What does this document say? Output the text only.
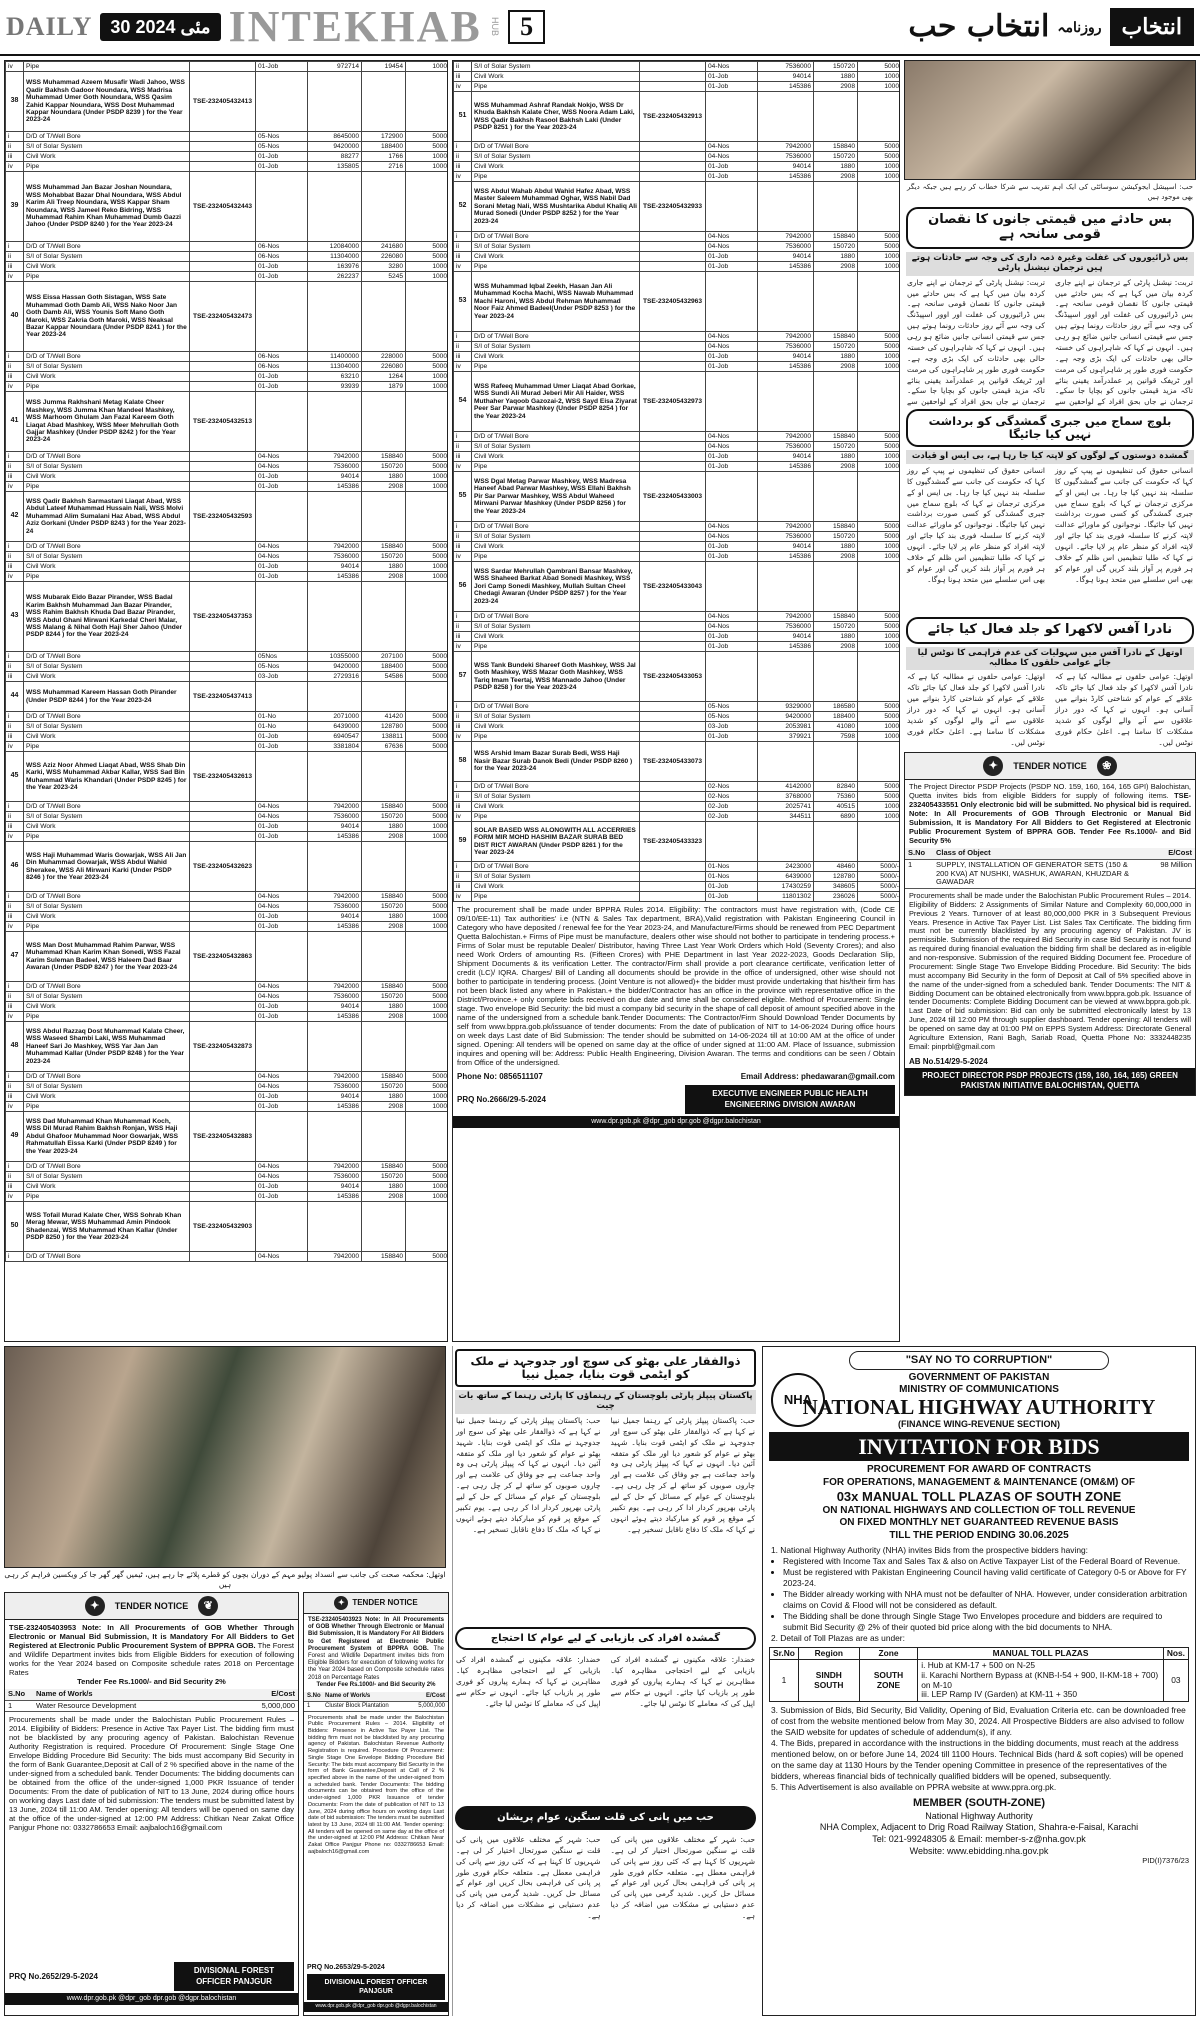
DAILY	30 مئی 2024 INTEKHAB HUB 5	انتخاب حب روزنامہ انتخاب
iv	Pipe		01-Job	972714	19454	1000
38	WSS Muhammad Azeem Musafir Wadi Jahoo, WSS Qadir Bakhsh Gadoor Noundara, WSS Madrisa Muhammad Umer Goth Noundara, WSS Qasim Zahid Kappar Noundara, WSS Dost Muhammad Kappar Noundara (Under PSDP 8239 ) for the Year 2023-24	TSE-232405432413				
i	D/D of T/Well Bore		05-Nos	8645000	172900	5000
ii	S/I of Solar System		05-Nos	9420000	188400	5000
iii	Civil Work		01-Job	88277	1766	1000
iv	Pipe		01-Job	135805	2716	1000
39	WSS Muhammad Jan Bazar Joshan Noundara, WSS Mohabbat Bazar Dhal Noundara, WSS Abdul Karim Ali Treep Noundara, WSS Kappar Sham Noundara, WSS Jameel Reko Bidring, WSS Muhammad Rahim Khan Muhammad Dumb Gazzi Jahoo (Under PSDP 8240 ) for the Year 2023-24	TSE-232405432443				
i	D/D of T/Well Bore		06-Nos	12084000	241680	5000
ii	S/I of Solar System		06-Nos	11304000	226080	5000
iii	Civil Work		01-Job	163976	3280	1000
iv	Pipe		01-Job	262237	5245	1000
40	WSS Eissa Hassan Goth Sistagan, WSS Sate Muhammad Goth Damb Ali, WSS Nako Noor Jan Goth Damb Ali, WSS Younis Soft Mano Goth Maroki, WSS Zakria Goth Maroki, WSS Neaksal Bazar Kappar Noundara (Under PSDP 8241 ) for the Year 2023-24	TSE-232405432473				
i	D/D of T/Well Bore		06-Nos	11400000	228000	5000
ii	S/I of Solar System		06-Nos	11304000	226080	5000
iii	Civil Work		01-Job	63210	1264	1000
iv	Pipe		01-Job	93939	1879	1000
41	WSS Jumma Rakhshani Metag Kalate Cheer Mashkey, WSS Jumma Khan Mandeel Mashkey, WSS Marhoom Ghulam Jan Fazal Kareem Goth Liaqat Abad Mashkey, WSS Meer Mehrullah Goth Gajjar Mashkey (Under PSDP 8242 ) for the Year 2023-24	TSE-232405432513				
i	D/D of T/Well Bore		04-Nos	7942000	158840	5000
ii	S/I of Solar System		04-Nos	7536000	150720	5000
iii	Civil Work		01-Job	94014	1880	1000
iv	Pipe		01-Job	145386	2908	1000
42	WSS Qadir Bakhsh Sarmastani Liaqat Abad, WSS Abdul Lateef Muhammad Hussain Nali, WSS Molvi Muhammad Alim Sumalani Haz Abad, WSS Abdul Aziz Gorkani (Under PSDP 8243 ) for the Year 2023-24	TSE-232405432593				
i	D/D of T/Well Bore		04-Nos	7942000	158840	5000
ii	S/I of Solar System		04-Nos	7536000	150720	5000
iii	Civil Work		01-Job	94014	1880	1000
iv	Pipe		01-Job	145386	2908	1000
43	WSS Mubarak Eido Bazar Pirander, WSS Badal Karim Bakhsh Muhammad Jan Bazar Pirander, WSS Rahim Bakhsh Khuda Dad Bazar Pirander, WSS Abdul Ghani Mirwani Karkedal Cheri Malar, WSS Malang & Nihal Goth Haji Sher Jahoo (Under PSDP 8244 ) for the Year 2023-24	TSE-232405437353				
i	D/D of T/Well Bore		05Nos	10355000	207100	5000
ii	S/I of Solar System		05-Nos	9420000	188400	5000
iii	Civil Work		03-Job	2729316	54586	5000
44	WSS Muhammad Kareem Hassan Goth Pirander (Under PSDP 8244 ) for the Year 2023-24	TSE-232405437413				
i	D/D of T/Well Bore		01-No	2071000	41420	5000
ii	S/I of Solar System		01-No	6439000	128780	5000
iii	Civil Work		01-Job	6940547	138811	5000
iv	Pipe		01-Job	3381804	67636	5000
45	WSS Aziz Noor Ahmed Liaqat Abad, WSS Shab Din Karki, WSS Muhammad Akbar Kallar, WSS Sad Bin Muhammad Waris Khandari (Under PSDP 8245 ) for the Year 2023-24	TSE-232405432613				
i	D/D of T/Well Bore		04-Nos	7942000	158840	5000
ii	S/I of Solar System		04-Nos	7536000	150720	5000
iii	Civil Work		01-Job	94014	1880	1000
iv	Pipe		01-Job	145386	2908	1000
46	WSS Haji Muhammad Waris Gowarjak, WSS Ali Jan Din Muhammad Gowarjak, WSS Abdul Wahid Sherakee, WSS Ali Mirwani Karki (Under PSDP 8246 ) for the Year 2023-24	TSE-232405432623				
i	D/D of T/Well Bore		04-Nos	7942000	158840	5000
ii	S/I of Solar System		04-Nos	7536000	150720	5000
iii	Civil Work		01-Job	94014	1880	1000
iv	Pipe		01-Job	145386	2908	1000
47	WSS Man Dost Muhammad Rahim Parwar, WSS Muhammad Khan Karim Khan Sonedi, WSS Fazal Karim Suleman Badeel, WSS Haleem Dad Baar Awaran (Under PSDP 8247 ) for the Year 2023-24	TSE-232405432863				
i	D/D of T/Well Bore		04-Nos	7942000	158840	5000
ii	S/I of Solar System		04-Nos	7536000	150720	5000
iii	Civil Work		01-Job	94014	1880	1000
iv	Pipe		01-Job	145386	2908	1000
48	WSS Abdul Razzaq Dost Muhammad Kalate Cheer, WSS Waseed Shambi Laki, WSS Muhammad Haneef Sari Jo Mashkey, WSS Yar Jan Jan Muhammad Kallar (Under PSDP 8248 ) for the Year 2023-24	TSE-232405432873				
i	D/D of T/Well Bore		04-Nos	7942000	158840	5000
ii	S/I of Solar System		04-Nos	7536000	150720	5000
iii	Civil Work		01-Job	94014	1880	1000
iv	Pipe		01-Job	145386	2908	1000
49	WSS Dad Muhammad Khan Muhammad Koch, WSS Dil Murad Rahim Bakhsh Ronjan, WSS Haji Abdul Ghafoor Muhammad Noor Gowarjak, WSS Rahmatullah Eissa Karki (Under PSDP 8249 ) for the Year 2023-24	TSE-232405432883				
i	D/D of T/Well Bore		04-Nos	7942000	158840	5000
ii	S/I of Solar System		04-Nos	7536000	150720	5000
iii	Civil Work		01-Job	94014	1880	1000
iv	Pipe		01-Job	145386	2908	1000
50	WSS Tofail Murad Kalate Cher, WSS Sohrab Khan Merag Mewar, WSS Muhammad Amin Pindook Shadenzai, WSS Muhammad Khan Kallar (Under PSDP 8250 ) for the Year 2023-24	TSE-232405432903				
i	D/D of T/Well Bore		04-Nos	7942000	158840	5000
ii	S/I of Solar System		04-Nos	7536000	150720	5000
iii	Civil Work		01-Job	94014	1880	1000
iv	Pipe		01-Job	145386	2908	1000
51	WSS Muhammad Ashraf Randak Nokjo, WSS Dr Khuda Bakhsh Kalate Cher, WSS Noora Adam Laki, WSS Qadir Bakhsh Rasool Bakhsh Laki (Under PSDP 8251 ) for the Year 2023-24	TSE-232405432913				
i	D/D of T/Well Bore		04-Nos	7942000	158840	5000
ii	S/I of Solar System		04-Nos	7536000	150720	5000
iii	Civil Work		01-Job	94014	1880	1000
iv	Pipe		01-Job	145386	2908	1000
52	WSS Abdul Wahab Abdul Wahid Hafez Abad, WSS Master Saleem Muhammad Oghar, WSS Nabil Dad Sorani Metag Nali, WSS Mushtarika Abdul Khaliq Ali Murad Sonedi (Under PSDP 8252 ) for the Year 2023-24	TSE-232405432933				
i	D/D of T/Well Bore		04-Nos	7942000	158840	5000
ii	S/I of Solar System		04-Nos	7536000	150720	5000
iii	Civil Work		01-Job	94014	1880	1000
iv	Pipe		01-Job	145386	2908	1000
53	WSS Muhammad Iqbal Zeekh, Hasan Jan Ali Muhammad Kocha Machi, WSS Nawab Muhammad Machi Haroni, WSS Abdul Rehman Muhammad Noor Faiz Ahmed Badeel(Under PSDP 8253 ) for the Year 2023-24	TSE-232405432963				
i	D/D of T/Well Bore		04-Nos	7942000	158840	5000
ii	S/I of Solar System		04-Nos	7536000	150720	5000
iii	Civil Work		01-Job	94014	1880	1000
iv	Pipe		01-Job	145386	2908	1000
54	WSS Rafeeq Muhammad Umer Liaqat Abad Gorkae, WSS Sundi Ali Murad Jeberi Mir Ali Haider, WSS Muthaher Yaqoob Gazozai-2, WSS Sayd Eisa Ziyarat Peer Sar Parwar Mashkey (Under PSDP 8254 ) for the Year 2023-24	TSE-232405432973				
i	D/D of T/Well Bore		04-Nos	7942000	158840	5000
ii	S/I of Solar System		04-Nos	7536000	150720	5000
iii	Civil Work		01-Job	94014	1880	1000
iv	Pipe		01-Job	145386	2908	1000
55	WSS Dgal Metag Parwar Mashkey, WSS Madresa Haneef Abad Parwar Mashkey, WSS Ellahi Bakhsh Pir Sar Parwar Mashkey, WSS Abdul Waheed Mirwani Parwar Mashkey (Under PSDP 8256 ) for the Year 2023-24	TSE-232405433003				
i	D/D of T/Well Bore		04-Nos	7942000	158840	5000
ii	S/I of Solar System		04-Nos	7536000	150720	5000
iii	Civil Work		01-Job	94014	1880	1000
iv	Pipe		01-Job	145386	2908	1000
56	WSS Sardar Mehrullah Qambrani Bansar Mashkey, WSS Shaheed Barkat Abad Sonedi Mashkey, WSS Jori Camp Sonedi Mashkey, Mullah Sultan Cheel Chedagi Awaran (Under PSDP 8257 ) for the Year 2023-24	TSE-232405433043				
i	D/D of T/Well Bore		04-Nos	7942000	158840	5000
ii	S/I of Solar System		04-Nos	7536000	150720	5000
iii	Civil Work		01-Job	94014	1880	1000
iv	Pipe		01-Job	145386	2908	1000
57	WSS Tank Bundeki Shareef Goth Mashkey, WSS Jal Goth Mashkey, WSS Mazar Goth Mashkey, WSS Tariq Imam Teertaj, WSS Mannado Jahoo (Under PSDP 8258 ) for the Year 2023-24	TSE-232405433053				
i	D/D of T/Well Bore		05-Nos	9329000	186580	5000
ii	S/I of Solar System		05-Nos	9420000	188400	5000
iii	Civil Work		03-Job	2053981	41080	1000
iv	Pipe		01-Job	379921	7598	1000
58	WSS Arshid Imam Bazar Surab Bedi, WSS Haji Nasir Bazar Surab Danok Bedi (Under PSDP 8260 ) for the Year 2023-24	TSE-232405433073				
i	D/D of T/Well Bore		02-Nos	4142000	82840	5000
ii	S/I of Solar System		02-Nos	3768000	75360	5000
iii	Civil Work		02-Job	2025741	40515	1000
iv	Pipe		02-Job	344511	6890	1000
59	SOLAR BASED WSS ALONGWITH ALL ACCERRIES FORM MIR MOHD HASHIM BAZAR SURAB BED DIST RICT AWARAN (Under PSDP 8261 ) for the Year 2023-24	TSE-232405433323				
i	D/D of T/Well Bore		01-Nos	2423000	48460	5000/-
ii	S/I of Solar System		01-Nos	6439000	128780	5000/-
iii	Civil Work		01-Job	17430259	348605	5000/-
iv	Pipe		01-Job	11801302	236026	5000/-
The procurement shall be made under BPPRA Rules 2014. Eligibility: The contractors must have registration with, (Code CE 09/10/EE-11) Tax authorities' i.e (NTN & Sales Tax department, BRA),Valid registration with Pakistan Engineering Council in Category who have deposited / renewal fee for the Year 2023-24, and Manufacture/Firms should be renewed from PEC Department Quetta Balochistan.+ Firms of Pipe must be manufacture, dealers other wise should not bother to participate in tendering process.+ Firms of Solar must be reputable Dealer/ Distributor, having Three Last Year Work Orders which Hold (Seventy Crores); and also need Work Orders of amounting Rs. (Fifteen Crores) with PHE Department in last Year 2022-2023, Goods Declaration Slip, Shipment Documents & its verification Letter. The contractor/Firm shall provide a port clearance certificate, verification letter of credit (LC)/ IQRA. Charges/ Bill of Landing all documents should be provide in the office of undersigned, other wise should not bother to participate in tendering process. (Joint Venture is not allowed)+ the bidder must provide undertaking that his/their firm has not been black listed any where in Pakistan.+ the bidder/Contractor has an office in the province with representative office in the District/Province.+ only complete bids received on due date and time shall be considered eligible. Method of Procurement: Single stage. Two envelope Bid Security: the bid must a company bid security in the shape of call deposit of amount specified above in the name of the undersigned from a schedule bank.Tender Documents: The Contractor/Firm Should Download Tender Documents by self from www.bppra.gob.pk/issuance of tender documents: From the date of publication of NIT to 14-06-2024 During office hours on week days Last date of Bid Submission: The tender should be submitted on 14-06-2024 till at 10:00 AM at the office of under signed. Opening: All tenders will be opened on same day at the office of under signed at 11:00 AM. Place of Issuance, submission inquires and opening will be: Address: Public Health Engineering, Division Awaran. The terms and conditions can be seen / Obtain from Office of the undersigned.
Phone No: 0856511107	Email Address: phedawaran@gmail.com
PRQ No.2666/29-5-2024
EXECUTIVE ENGINEER PUBLIC HEALTH ENGINEERING DIVISION AWARAN
www.dpr.gob.pk @dpr_gob dpr.gob @dgpr.balochistan
حب: اسپیشل ایجوکیشن سوسائٹی کی ایک اہم تقریب سے شرکا خطاب کر رہے ہیں جبکہ دیگر بھی موجود ہیں
بس حادثے میں قیمتی جانوں کا نقصان قومی سانحہ ہے
بس ڈرائیوروں کی غفلت وغیرہ ذمہ داری کی وجہ سے حادثات ہوتے ہیں ترجمان نیشنل پارٹی
تربت: نیشنل پارٹی کے ترجمان نے اپنے جاری کردہ بیان میں کہا ہے کہ بس حادثے میں قیمتی جانوں کا نقصان قومی سانحہ ہے۔ بس ڈرائیوروں کی غفلت اور اوور اسپیڈنگ کی وجہ سے آئے روز حادثات رونما ہوتے ہیں جس سے قیمتی انسانی جانیں ضائع ہو رہی ہیں۔ انہوں نے کہا کہ شاہراہوں کی خستہ حالی بھی حادثات کی ایک بڑی وجہ ہے۔ حکومت فوری طور پر شاہراہوں کی مرمت اور ٹریفک قوانین پر عملدرآمد یقینی بنائے تاکہ مزید قیمتی جانوں کو بچایا جا سکے۔ ترجمان نے جاں بحق افراد کے لواحقین سے
تربت: نیشنل پارٹی کے ترجمان نے اپنے جاری کردہ بیان میں کہا ہے کہ بس حادثے میں قیمتی جانوں کا نقصان قومی سانحہ ہے۔ بس ڈرائیوروں کی غفلت اور اوور اسپیڈنگ کی وجہ سے آئے روز حادثات رونما ہوتے ہیں جس سے قیمتی انسانی جانیں ضائع ہو رہی ہیں۔ انہوں نے کہا کہ شاہراہوں کی خستہ حالی بھی حادثات کی ایک بڑی وجہ ہے۔ حکومت فوری طور پر شاہراہوں کی مرمت اور ٹریفک قوانین پر عملدرآمد یقینی بنائے تاکہ مزید قیمتی جانوں کو بچایا جا سکے۔ ترجمان نے جاں بحق افراد کے لواحقین سے
بلوچ سماج میں جبری گمشدگی کو برداشت نہیں کیا جائیگا
گمشدہ دوستوں کے لوگوں کو لاپتہ کیا جا رہا ہے، بی ایس او قیادت
انسانی حقوق کی تنظیموں نے پیپ کے روز کہا کہ حکومت کی جانب سے گمشدگیوں کا سلسلہ بند نہیں کیا جا رہا۔ بی ایس او کے مرکزی ترجمان نے کہا کہ بلوچ سماج میں جبری گمشدگی کو کسی صورت برداشت نہیں کیا جائیگا۔ نوجوانوں کو ماورائے عدالت لاپتہ کرنے کا سلسلہ فوری بند کیا جائے اور لاپتہ افراد کو منظر عام پر لایا جائے۔ انہوں نے کہا کہ طلبا تنظیمیں اس ظلم کے خلاف ہر فورم پر آواز بلند کریں گی اور عوام کو بھی اس سلسلے میں متحد ہونا ہوگا۔
انسانی حقوق کی تنظیموں نے پیپ کے روز کہا کہ حکومت کی جانب سے گمشدگیوں کا سلسلہ بند نہیں کیا جا رہا۔ بی ایس او کے مرکزی ترجمان نے کہا کہ بلوچ سماج میں جبری گمشدگی کو کسی صورت برداشت نہیں کیا جائیگا۔ نوجوانوں کو ماورائے عدالت لاپتہ کرنے کا سلسلہ فوری بند کیا جائے اور لاپتہ افراد کو منظر عام پر لایا جائے۔ انہوں نے کہا کہ طلبا تنظیمیں اس ظلم کے خلاف ہر فورم پر آواز بلند کریں گی اور عوام کو بھی اس سلسلے میں متحد ہونا ہوگا۔
نادرا آفس لاکھرا کو جلد فعال کیا جائے
اوتھل کے نادرا آفس میں سہولیات کی عدم فراہمی کا نوٹس لیا جائے عوامی حلقوں کا مطالبہ
اوتھل: عوامی حلقوں نے مطالبہ کیا ہے کہ نادرا آفس لاکھرا کو جلد فعال کیا جائے تاکہ علاقے کے عوام کو شناختی کارڈ بنوانے میں آسانی ہو۔ انہوں نے کہا کہ دور دراز علاقوں سے آنے والے لوگوں کو شدید مشکلات کا سامنا ہے۔ اعلیٰ حکام فوری نوٹس لیں۔
اوتھل: عوامی حلقوں نے مطالبہ کیا ہے کہ نادرا آفس لاکھرا کو جلد فعال کیا جائے تاکہ علاقے کے عوام کو شناختی کارڈ بنوانے میں آسانی ہو۔ انہوں نے کہا کہ دور دراز علاقوں سے آنے والے لوگوں کو شدید مشکلات کا سامنا ہے۔ اعلیٰ حکام فوری نوٹس لیں۔
✦	TENDER NOTICE	❀
The Project Director PSDP Projects (PSDP NO. 159, 160, 164, 165 GPI) Balochistan, Quetta invites bids from eligible Bidders for supply of following items. TSE-232405433551 Only electronic bid will be submitted. No physical bid is required. Note: In All Procurements of GOB Through Electronic or Manual Bid Submission, It is Mandatory For All Bidders to Get Registered at Electronic Public Procurement System of BPPRA GOB. Tender Fee Rs.1000/- and Bid Security 5%
S.No	Class of Object	E/Cost
1	SUPPLY, INSTALLATION OF GENERATOR SETS (150 & 200 KVA) AT NUSHKI, WASHUK, AWARAN, KHUZDAR & GAWADAR
98 Million
Procurements shall be made under the Balochistan Public Procurement Rules – 2014. Eligibility of Bidders: 2 Assignments of Similar Nature and Complexity 60,000,000 in Previous 2 Years. Turnover of at least 80,000,000 PKR in 3 Subsequent Previous Years. Presence in Active Tax Payer List. List Sales Tax Certificate. The bidding firm must not be currently blacklisted by any procuring agency of Pakistan. JV is permissible. Submission of the required Bid Security in case Bid Security is not found as required during financial evaluation the bidding firm shall be declared as in-eligible and non-responsive. Submission of the required Bidding Document fee. Procedure of Procurement: Single Stage Two Envelope Bidding Procedure. Bid Security: The bids must accompany Bid Security in the form of Deposit at Call of 5% specified above in the name of the under-signed from a scheduled bank. Tender Documents: The NIT & Bidding Document can be obtained electronically from www.bppra.gob.pk. Issuance of tender Documents: Complete Bidding Document can be viewed at www.bppra.gob.pk. Last Date of bid submission: Bid can only be submitted electronically latest by 13 June, 2024 till 12:00 PM through supplier dashboard. Tender opening: All tenders will be opened on same day at 01:00 PM on EPPS System Address: Directorate General Agriculture Extension, Rani Bagh, Sariab Road, Quetta Phone No: 3332448235 Email: pinprbl@gmail.com
AB No.514/29-5-2024
PROJECT DIRECTOR PSDP PROJECTS (159, 160, 164, 165) GREEN PAKISTAN INITIATIVE BALOCHISTAN, QUETTA
اوتھل: محکمہ صحت کی جانب سے انسداد پولیو مہم کے دوران بچوں کو قطرے پلائے جا رہے ہیں، ٹیمیں گھر گھر جا کر ویکسین فراہم کر رہی ہیں
✦	TENDER NOTICE	❦
TSE-232405403953 Note: In All Procurements of GOB Whether Through Electronic or Manual Bid Submission, It is Mandatory For All Bidders to Get Registered at Electronic Public Procurement System of BPPRA GOB. The Forest and Wildlife Department invites bids from Eligible Bidders for execution of following works for the Year 2024 based on Composite schedule rates 2018 on Percentage Rates
Tender Fee Rs.1000/- and Bid Security 2%
S.No	Name of Work/s	E/Cost
1	Water Resource Development	5,000,000
Procurements shall be made under the Balochistan Public Procurement Rules – 2014. Eligibility of Bidders: Presence in Active Tax Payer List. The bidding firm must not be blacklisted by any procuring agency of Pakistan. Balochistan Revenue Authority Registration is required. Procedure Of Procurement: Single Stage One Envelope Bidding Procedure Bid Security: The bids must accompany Bid Security in the form of Bank Guarantee,Deposit at Call of 2 % specified above in the name of the under-signed from a scheduled bank. Tender Documents: The bidding documents can be obtained from the office of the under-signed 1,000 PKR Issuance of tender Documents: From the date of publication of NIT to 13 June, 2024 during office hours on working days Last date of bid submission: The tenders must be submitted latest by 13 June, 2024 till 11:00 AM. Tender opening: All tenders will be opened on same day at the office of the under-signed at 12:00 PM Address: Chitkan Near Zakat Office Panjgur Phone no: 0332786653 Email: aajbaloch16@gmail.com
PRQ No.2652/29-5-2024
DIVISIONAL FOREST OFFICER PANJGUR
www.dpr.gob.pk @dpr_gob dpr.gob @dgpr.balochistan
✦ TENDER NOTICE
TSE-232405403923 Note: In All Procurements of GOB Whether Through Electronic or Manual Bid Submission, It is Mandatory For All Bidders to Get Registered at Electronic Public Procurement System of BPPRA GOB. The Forest and Wildlife Department invites bids from Eligible Bidders for execution of following works for the Year 2024 based on Composite schedule rates 2018 on Percentage Rates
Tender Fee Rs.1000/- and Bid Security 2%
S.No Name of Work/s	E/Cost
1	Cluster Block Plantation	5,000,000
Procurements shall be made under the Balochistan Public Procurement Rules – 2014. Eligibility of Bidders: Presence in Active Tax Payer List. The bidding firm must not be blacklisted by any procuring agency of Pakistan. Balochistan Revenue Authority Registration is required. Procedure Of Procurement: Single Stage One Envelope Bidding Procedure Bid Security: The bids must accompany Bid Security in the form of Bank Guarantee,Deposit at Call of 2 % specified above in the name of the under-signed from a scheduled bank. Tender Documents: The bidding documents can be obtained from the office of the under-signed 1,000 PKR Issuance of tender Documents: From the date of publication of NIT to 13 June, 2024 during office hours on working days Last date of bid submission: The tenders must be submitted latest by 13 June, 2024 till 11:00 AM. Tender opening: All tenders will be opened on same day at the office of the under-signed at 12:00 PM Address: Chitkan Near Zakat Office Panjgur Phone no: 0332786653 Email: aajbaloch16@gmail.com
PRQ No.2653/29-5-2024
DIVISIONAL FOREST OFFICER PANJGUR
www.dpr.gob.pk @dpr_gob dpr.gob @dgpr.balochistan
ذوالفقار علی بھٹو کی سوچ اور جدوجہد نے ملک کو ایٹمی قوت بنایا، جمیل نبیا
پاکستان پیپلز پارٹی بلوچستان کے رہنماؤں کا پارٹی رہنما کے ساتھ بات چیت
حب: پاکستان پیپلز پارٹی کے رہنما جمیل نبیا نے کہا ہے کہ ذوالفقار علی بھٹو کی سوچ اور جدوجہد نے ملک کو ایٹمی قوت بنایا۔ شہید بھٹو نے عوام کو شعور دیا اور ملک کو متفقہ آئین دیا۔ انہوں نے کہا کہ پیپلز پارٹی ہی وہ واحد جماعت ہے جو وفاق کی علامت ہے اور چاروں صوبوں کو ساتھ لے کر چل رہی ہے۔ بلوچستان کے عوام کے مسائل کے حل کے لیے پارٹی بھرپور کردار ادا کر رہی ہے۔ یوم تکبیر کے موقع پر قوم کو مبارکباد دیتے ہوئے انہوں نے کہا کہ ملک کا دفاع ناقابل تسخیر ہے۔
حب: پاکستان پیپلز پارٹی کے رہنما جمیل نبیا نے کہا ہے کہ ذوالفقار علی بھٹو کی سوچ اور جدوجہد نے ملک کو ایٹمی قوت بنایا۔ شہید بھٹو نے عوام کو شعور دیا اور ملک کو متفقہ آئین دیا۔ انہوں نے کہا کہ پیپلز پارٹی ہی وہ واحد جماعت ہے جو وفاق کی علامت ہے اور چاروں صوبوں کو ساتھ لے کر چل رہی ہے۔ بلوچستان کے عوام کے مسائل کے حل کے لیے پارٹی بھرپور کردار ادا کر رہی ہے۔ یوم تکبیر کے موقع پر قوم کو مبارکباد دیتے ہوئے انہوں نے کہا کہ ملک کا دفاع ناقابل تسخیر ہے۔
گمشدہ افراد کی بازیابی کے لیے عوام کا احتجاج
خضدار: علاقہ مکینوں نے گمشدہ افراد کی بازیابی کے لیے احتجاجی مظاہرہ کیا۔ مظاہرین نے کہا کہ ہمارے پیاروں کو فوری طور پر بازیاب کیا جائے۔ انہوں نے حکام سے اپیل کی کہ معاملے کا نوٹس لیا جائے۔
خضدار: علاقہ مکینوں نے گمشدہ افراد کی بازیابی کے لیے احتجاجی مظاہرہ کیا۔ مظاہرین نے کہا کہ ہمارے پیاروں کو فوری طور پر بازیاب کیا جائے۔ انہوں نے حکام سے اپیل کی کہ معاملے کا نوٹس لیا جائے۔
حب میں پانی کی قلت سنگین، عوام پریشان
حب: شہر کے مختلف علاقوں میں پانی کی قلت نے سنگین صورتحال اختیار کر لی ہے۔ شہریوں کا کہنا ہے کہ کئی روز سے پانی کی فراہمی معطل ہے۔ متعلقہ حکام فوری طور پر پانی کی فراہمی بحال کریں اور عوام کے مسائل حل کریں۔ شدید گرمی میں پانی کی عدم دستیابی نے مشکلات میں اضافہ کر دیا ہے۔
حب: شہر کے مختلف علاقوں میں پانی کی قلت نے سنگین صورتحال اختیار کر لی ہے۔ شہریوں کا کہنا ہے کہ کئی روز سے پانی کی فراہمی معطل ہے۔ متعلقہ حکام فوری طور پر پانی کی فراہمی بحال کریں اور عوام کے مسائل حل کریں۔ شدید گرمی میں پانی کی عدم دستیابی نے مشکلات میں اضافہ کر دیا ہے۔
"SAY NO TO CORRUPTION"
NHA
GOVERNMENT OF PAKISTAN
MINISTRY OF COMMUNICATIONS
NATIONAL HIGHWAY AUTHORITY
(FINANCE WING-REVENUE SECTION)
INVITATION FOR BIDS
PROCUREMENT FOR AWARD OF CONTRACTS
FOR OPERATIONS, MANAGEMENT & MAINTENANCE (OM&M) OF
03x MANUAL TOLL PLAZAS OF SOUTH ZONE
ON NATIONAL HIGHWAYS AND COLLECTION OF TOLL REVENUE
ON FIXED MONTHLY NET GUARANTEED REVENUE BASIS
TILL THE PERIOD ENDING 30.06.2025
1. National Highway Authority (NHA) invites Bids from the prospective bidders having:
• Registered with Income Tax and Sales Tax & also on Active Taxpayer List of the Federal Board of Revenue.
• Must be registered with Pakistan Engineering Council having valid certificate of Category 0-5 or Above for FY 2023-24.
• The Bidder already working with NHA must not be defaulter of NHA. However, under consideration arbitration claims on Covid & Flood will not be considered as default.
• The Bidding shall be done through Single Stage Two Envelopes procedure and bidders are required to submit Bid Security @ 2% of their quoted bid price along with the bid documents to NHA.
2. Detail of Toll Plazas are as under:
Sr.No	Region	Zone	MANUAL TOLL PLAZAS	Nos.
1	SINDH SOUTH	SOUTH ZONE	i. Hub at KM-17 + 500 on N-25
ii. Karachi Northern Bypass at (KNB-I-54 + 900, II-KM-18 + 700) on M-10
iii. LEP Ramp IV (Garden) at KM-11 + 350	03
3. Submission of Bids, Bid Security, Bid Validity, Opening of Bid, Evaluation Criteria etc. can be downloaded free of cost from the website mentioned below from May 30, 2024. All Prospective Bidders are also advised to follow the SAID website for updates of schedule of addendum(s), if any.
4. The Bids, prepared in accordance with the instructions in the bidding documents, must reach at the address mentioned below, on or before June 14, 2024 till 1100 Hours. Technical Bids (hard & soft copies) will be opened on the same day at 1130 Hours by the Tender opening Committee in presence of the representatives of the bidders, whereas financial bids of technically qualified bidders will be opened, subsequently.
5. This Advertisement is also available on PPRA website at www.ppra.org.pk.
MEMBER (SOUTH-ZONE)
National Highway Authority
NHA Complex, Adjacent to Drig Road Railway Station, Shahra-e-Faisal, Karachi
Tel: 021-99248305 & Email: member-s-z@nha.gov.pk
Website: www.ebidding.nha.gov.pk
PID(I)7376/23
